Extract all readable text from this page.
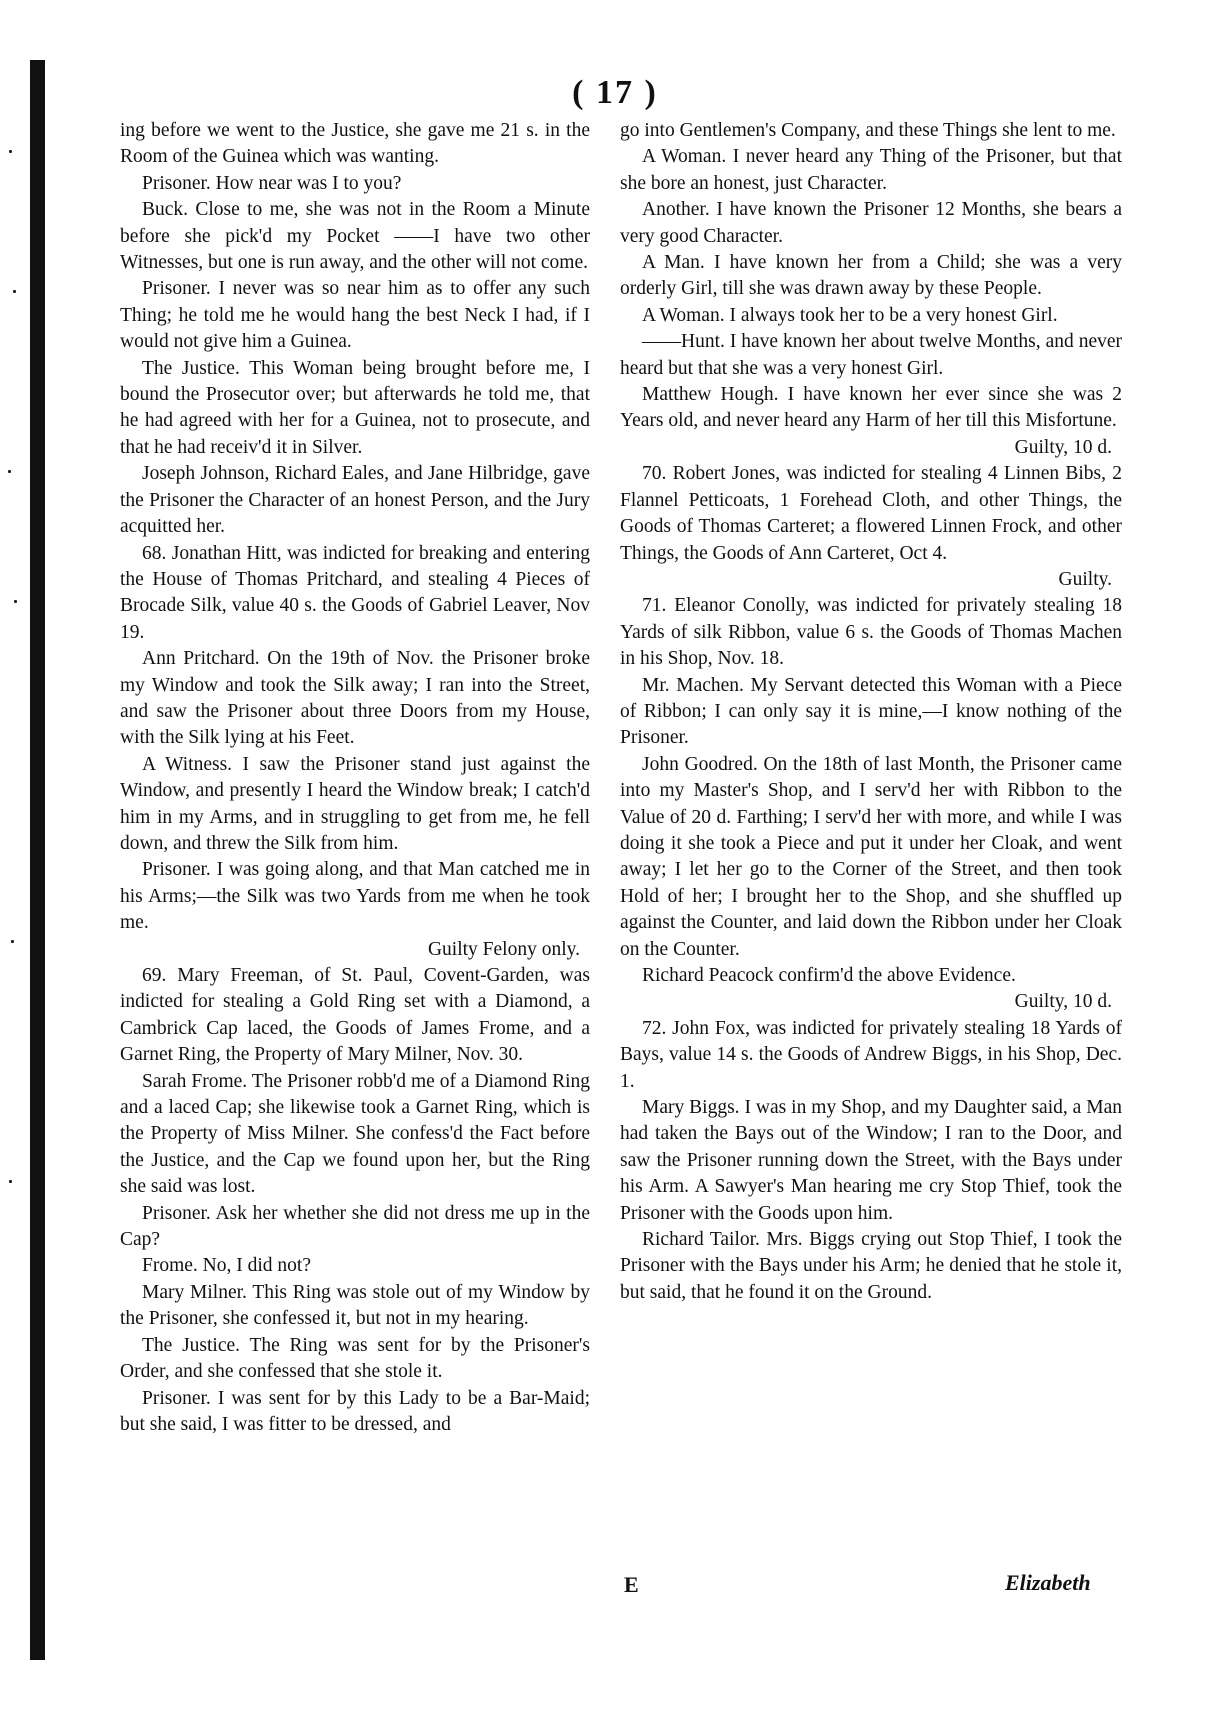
( 17 )

ing before we went to the Justice, she gave me 21 s. in the Room of the Guinea which was wanting.

Prisoner. How near was I to you?

Buck. Close to me, she was not in the Room a Minute before she pick'd my Pocket ——I have two other Witnesses, but one is run away, and the other will not come.

Prisoner. I never was so near him as to offer any such Thing; he told me he would hang the best Neck I had, if I would not give him a Guinea.

The Justice. This Woman being brought before me, I bound the Prosecutor over; but afterwards he told me, that he had agreed with her for a Guinea, not to prosecute, and that he had receiv'd it in Silver.

Joseph Johnson, Richard Eales, and Jane Hilbridge, gave the Prisoner the Character of an honest Person, and the Jury acquitted her.

68. Jonathan Hitt, was indicted for breaking and entering the House of Thomas Pritchard, and stealing 4 Pieces of Brocade Silk, value 40 s. the Goods of Gabriel Leaver, Nov 19.

Ann Pritchard. On the 19th of Nov. the Prisoner broke my Window and took the Silk away; I ran into the Street, and saw the Prisoner about three Doors from my House, with the Silk lying at his Feet.

A Witness. I saw the Prisoner stand just against the Window, and presently I heard the Window break; I catch'd him in my Arms, and in struggling to get from me, he fell down, and threw the Silk from him.

Prisoner. I was going along, and that Man catched me in his Arms;—the Silk was two Yards from me when he took me.

Guilty Felony only.

69. Mary Freeman, of St. Paul, Covent-Garden, was indicted for stealing a Gold Ring set with a Diamond, a Cambrick Cap laced, the Goods of James Frome, and a Garnet Ring, the Property of Mary Milner, Nov. 30.

Sarah Frome. The Prisoner robb'd me of a Diamond Ring and a laced Cap; she likewise took a Garnet Ring, which is the Property of Miss Milner. She confess'd the Fact before the Justice, and the Cap we found upon her, but the Ring she said was lost.

Prisoner. Ask her whether she did not dress me up in the Cap?

Frome. No, I did not?

Mary Milner. This Ring was stole out of my Window by the Prisoner, she confessed it, but not in my hearing.

The Justice. The Ring was sent for by the Prisoner's Order, and she confessed that she stole it.

Prisoner. I was sent for by this Lady to be a Bar-Maid; but she said, I was fitter to be dressed, and

go into Gentlemen's Company, and these Things she lent to me.

A Woman. I never heard any Thing of the Prisoner, but that she bore an honest, just Character.

Another. I have known the Prisoner 12 Months, she bears a very good Character.

A Man. I have known her from a Child; she was a very orderly Girl, till she was drawn away by these People.

A Woman. I always took her to be a very honest Girl.

——Hunt. I have known her about twelve Months, and never heard but that she was a very honest Girl.

Matthew Hough. I have known her ever since she was 2 Years old, and never heard any Harm of her till this Misfortune.

Guilty, 10 d.

70. Robert Jones, was indicted for stealing 4 Linnen Bibs, 2 Flannel Petticoats, 1 Forehead Cloth, and other Things, the Goods of Thomas Carteret; a flowered Linnen Frock, and other Things, the Goods of Ann Carteret, Oct 4.

Guilty.

71. Eleanor Conolly, was indicted for privately stealing 18 Yards of silk Ribbon, value 6 s. the Goods of Thomas Machen in his Shop, Nov. 18.

Mr. Machen. My Servant detected this Woman with a Piece of Ribbon; I can only say it is mine,—I know nothing of the Prisoner.

John Goodred. On the 18th of last Month, the Prisoner came into my Master's Shop, and I serv'd her with Ribbon to the Value of 20 d. Farthing; I serv'd her with more, and while I was doing it she took a Piece and put it under her Cloak, and went away; I let her go to the Corner of the Street, and then took Hold of her; I brought her to the Shop, and she shuffled up against the Counter, and laid down the Ribbon under her Cloak on the Counter.

Richard Peacock confirm'd the above Evidence.

Guilty, 10 d.

72. John Fox, was indicted for privately stealing 18 Yards of Bays, value 14 s. the Goods of Andrew Biggs, in his Shop, Dec. 1.

Mary Biggs. I was in my Shop, and my Daughter said, a Man had taken the Bays out of the Window; I ran to the Door, and saw the Prisoner running down the Street, with the Bays under his Arm. A Sawyer's Man hearing me cry Stop Thief, took the Prisoner with the Goods upon him.

Richard Tailor. Mrs. Biggs crying out Stop Thief, I took the Prisoner with the Bays under his Arm; he denied that he stole it, but said, that he found it on the Ground.

E	Elizabeth
